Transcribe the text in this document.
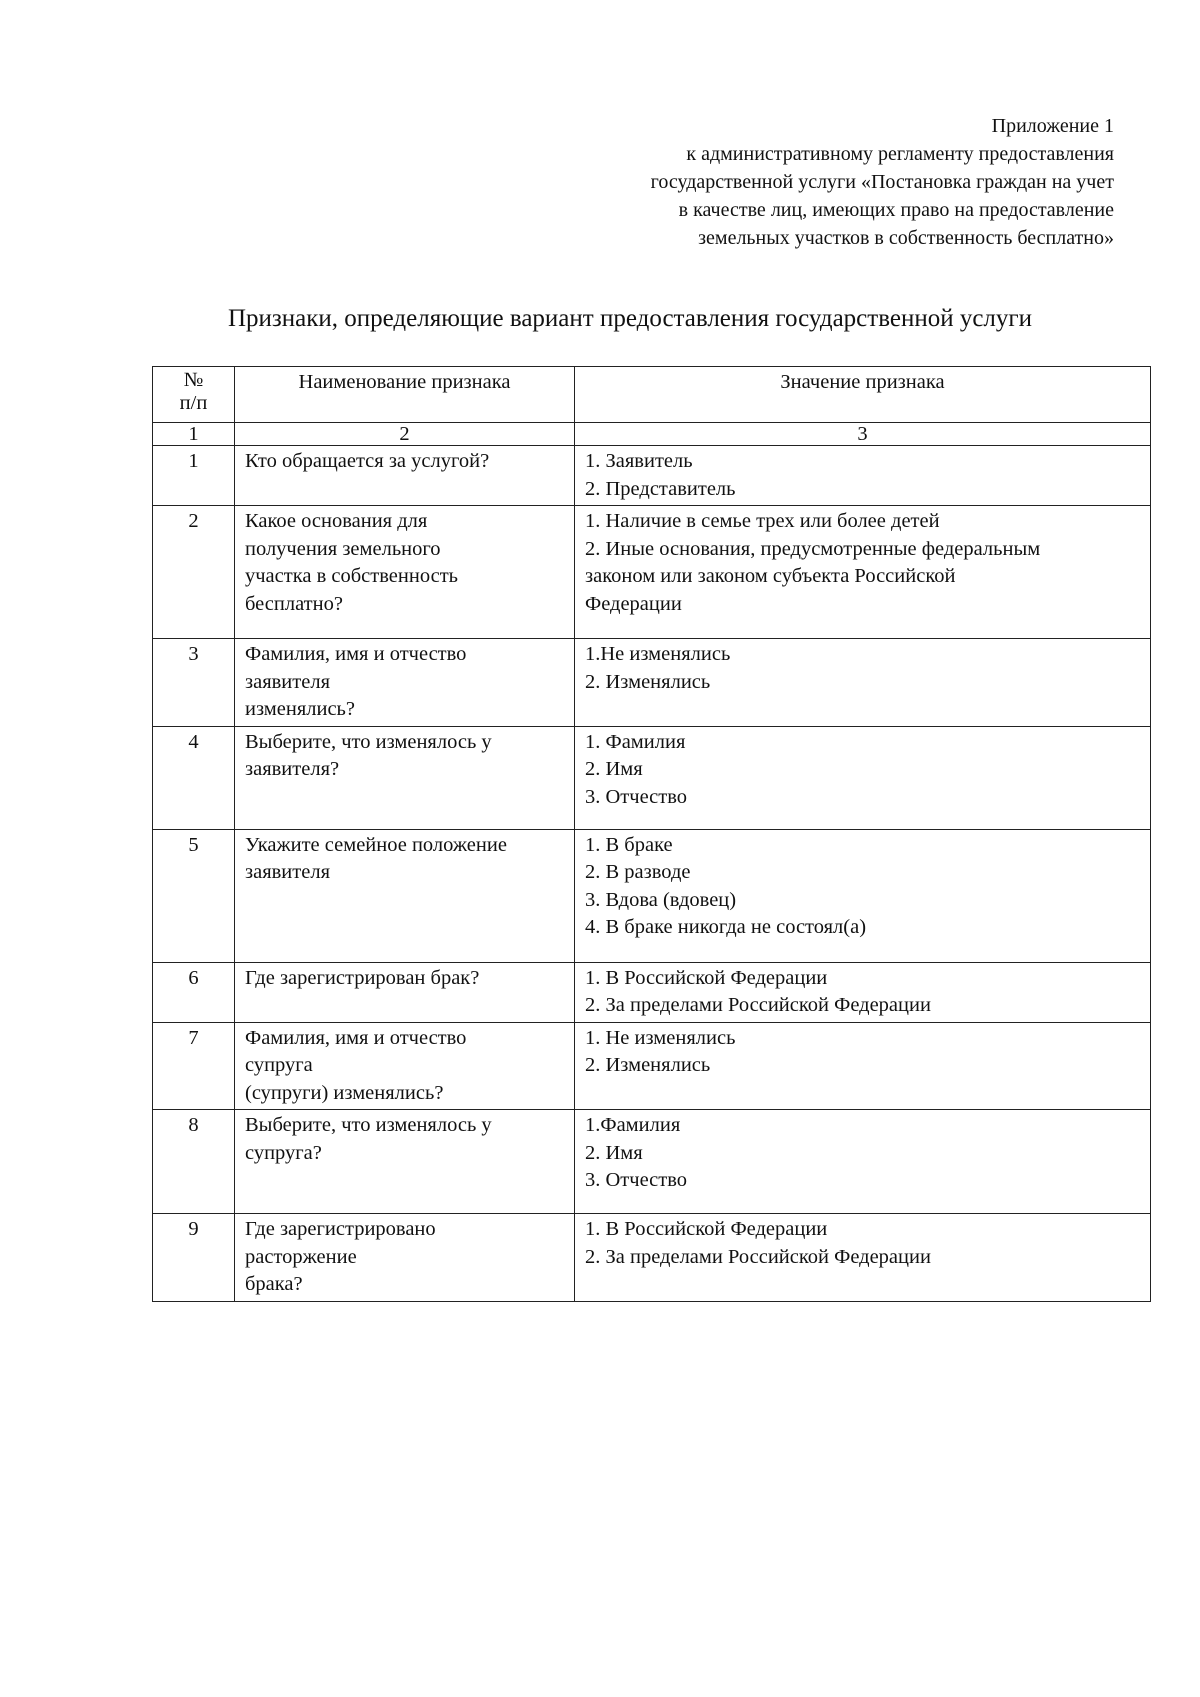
Приложение 1
к административному регламенту предоставления
государственной услуги «Постановка граждан на учет
в качестве лиц, имеющих право на предоставление
земельных участков в собственность бесплатно»
Признаки, определяющие вариант предоставления государственной услуги
№
п/п	Наименование признака	Значение признака
1	2	3
1	Кто обращается за услугой?	1. Заявитель
2. Представитель

2	Какое основания для
получения земельного
участка в собственность
бесплатно?	1. Наличие в семье трех или более детей
2. Иные основания, предусмотренные федеральным
законом или законом субъекта Российской
Федерации

3	Фамилия, имя и отчество
заявителя
изменялись?	1.Не изменялись
2. Изменялись

4	Выберите, что изменялось у
заявителя?	1. Фамилия
2. Имя
3. Отчество

5	Укажите семейное положение
заявителя	1. В браке
2. В разводе
3. Вдова (вдовец)
4. В браке никогда не состоял(а)

6	Где зарегистрирован брак?	1. В Российской Федерации
2. За пределами Российской Федерации

7	Фамилия, имя и отчество
супруга
(супруги) изменялись?	1. Не изменялись
2. Изменялись

8	Выберите, что изменялось у
супруга?	1.Фамилия
2. Имя
3. Отчество

9	Где зарегистрировано
расторжение
брака?	1. В Российской Федерации
2. За пределами Российской Федерации
